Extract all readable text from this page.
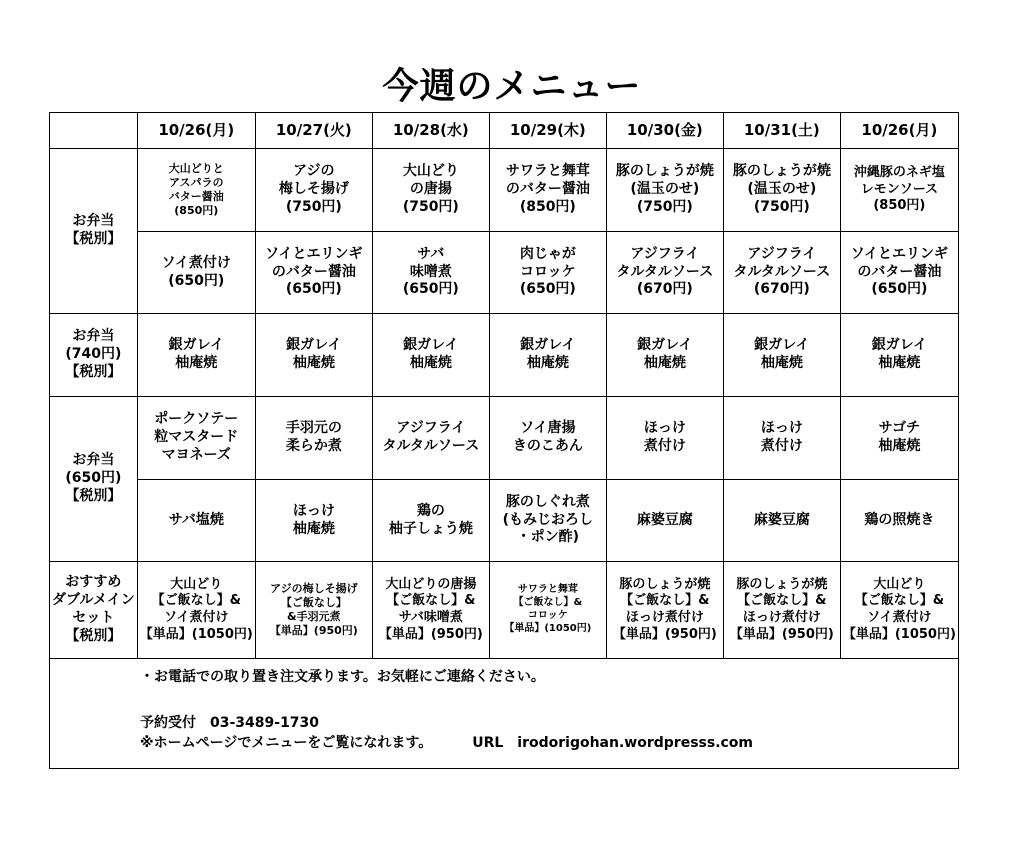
今週のメニュー
	10/26(月)	10/27(火)	10/28(水)	10/29(木)	10/30(金)	10/31(土)	10/26(月)

お弁当
【税別】	大山どりと
アスパラの
バター醤油
(850円)	アジの
梅しそ揚げ
(750円)	大山どり
の唐揚
(750円)	サワラと舞茸
のバター醤油
(850円)	豚のしょうが焼
(温玉のせ)
(750円)	豚のしょうが焼
(温玉のせ)
(750円)	沖縄豚のネギ塩
レモンソース
(850円)

	ソイ煮付け
(650円)	ソイとエリンギ
のバター醤油
(650円)	サバ
味噌煮
(650円)	肉じゃが
コロッケ
(650円)	アジフライ
タルタルソース
(670円)	アジフライ
タルタルソース
(670円)	ソイとエリンギ
のバター醤油
(650円)

お弁当
(740円)
【税別】	銀ガレイ
柚庵焼	銀ガレイ
柚庵焼	銀ガレイ
柚庵焼	銀ガレイ
柚庵焼	銀ガレイ
柚庵焼	銀ガレイ
柚庵焼	銀ガレイ
柚庵焼

お弁当
(650円)
【税別】	ポークソテー
粒マスタード
マヨネーズ	手羽元の
柔らか煮	アジフライ
タルタルソース	ソイ唐揚
きのこあん	ほっけ
煮付け	ほっけ
煮付け	サゴチ
柚庵焼

	サバ塩焼	ほっけ
柚庵焼	鶏の
柚子しょう焼	豚のしぐれ煮
(もみじおろし
・ポン酢)	麻婆豆腐	麻婆豆腐	鶏の照焼き

おすすめ
ダブルメイン
セット
【税別】	大山どり
【ご飯なし】&
ソイ煮付け
【単品】(1050円)	アジの梅しそ揚げ
【ご飯なし】
&手羽元煮
【単品】(950円)	大山どりの唐揚
【ご飯なし】&
サバ味噌煮
【単品】(950円)	サワラと舞茸
【ご飯なし】&
コロッケ
【単品】(1050円)	豚のしょうが焼
【ご飯なし】&
ほっけ煮付け
【単品】(950円)	豚のしょうが焼
【ご飯なし】&
ほっけ煮付け
【単品】(950円)	大山どり
【ご飯なし】&
ソイ煮付け
【単品】(1050円)

・お電話での取り置き注文承ります。お気軽にご連絡ください。
予約受付　03-3489-1730
※ホームページでメニューをご覧になれます。 URL　irodorigohan.wordpresss.com							
